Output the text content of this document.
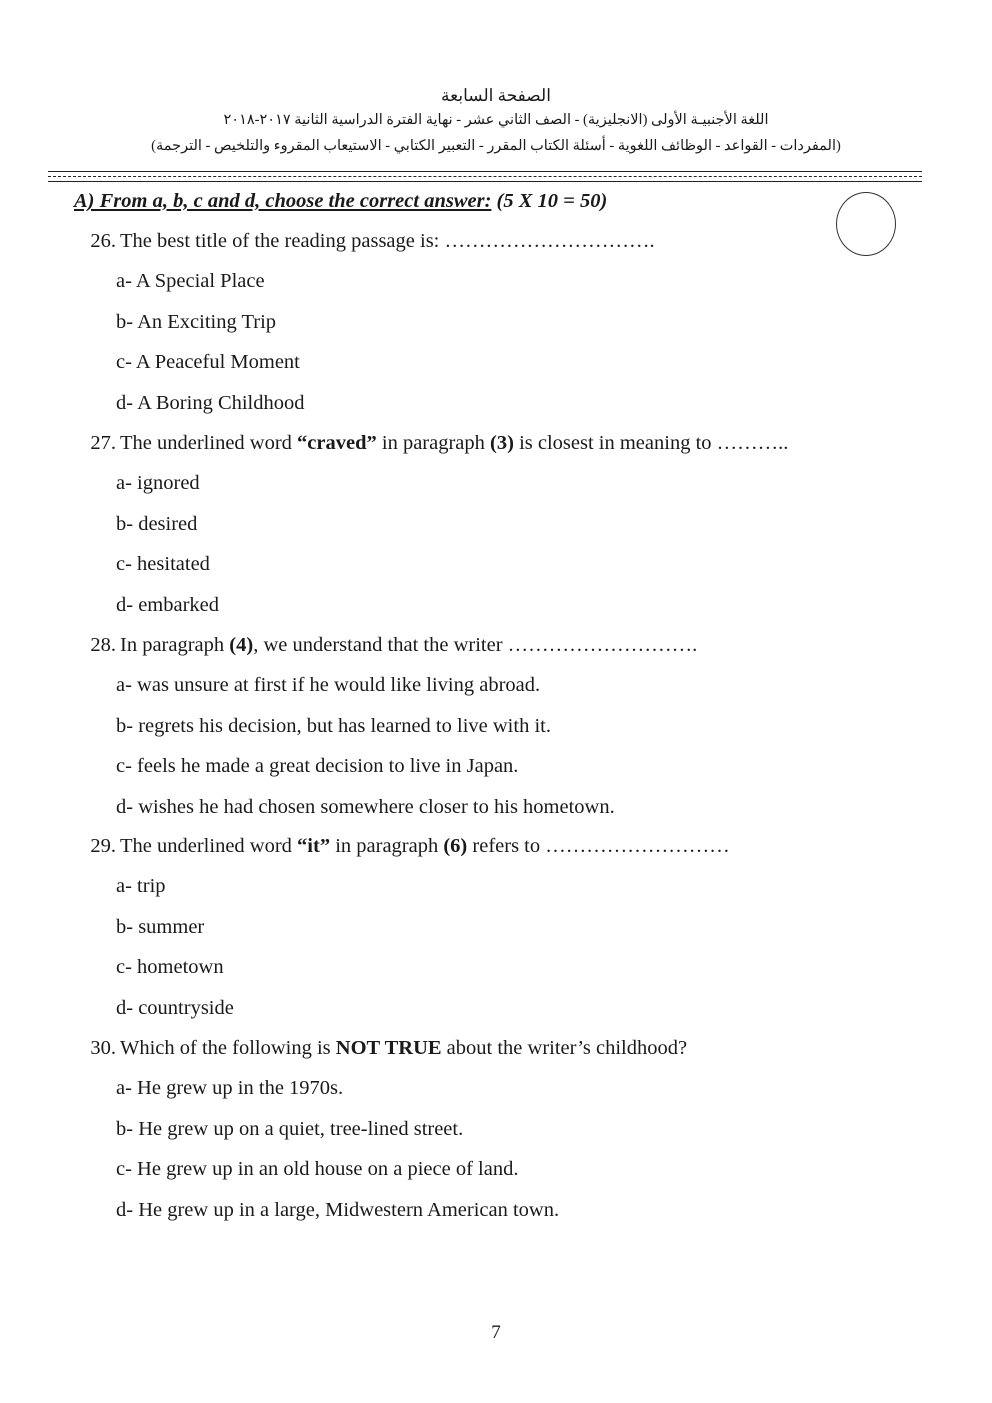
الصفحة السابعة
اللغة الأجنبيـة الأولى (الانجليزية) - الصف الثاني عشر - نهاية الفترة الدراسية الثانية ٢٠١٧-٢٠١٨
(المفردات - القواعد - الوظائف اللغوية - أسئلة الكتاب المقرر - التعبير الكتابي - الاستيعاب المقروء والتلخيص - الترجمة)
A) From a, b, c and d, choose the correct answer: (5 X 10 = 50)
26. The best title of the reading passage is: ………………………….
a- A Special Place
b- An Exciting Trip
c- A Peaceful Moment
d- A Boring Childhood
27. The underlined word “craved” in paragraph (3) is closest in meaning to ………..
a- ignored
b- desired
c- hesitated
d- embarked
28. In paragraph (4), we understand that the writer ……………………….
a- was unsure at first if he would like living abroad.
b- regrets his decision, but has learned to live with it.
c- feels he made a great decision to live in Japan.
d- wishes he had chosen somewhere closer to his hometown.
29. The underlined word “it” in paragraph (6) refers to ………………………
a- trip
b- summer
c- hometown
d- countryside
30. Which of the following is NOT TRUE about the writer’s childhood?
a- He grew up in the 1970s.
b- He grew up on a quiet, tree-lined street.
c- He grew up in an old house on a piece of land.
d- He grew up in a large, Midwestern American town.
7
